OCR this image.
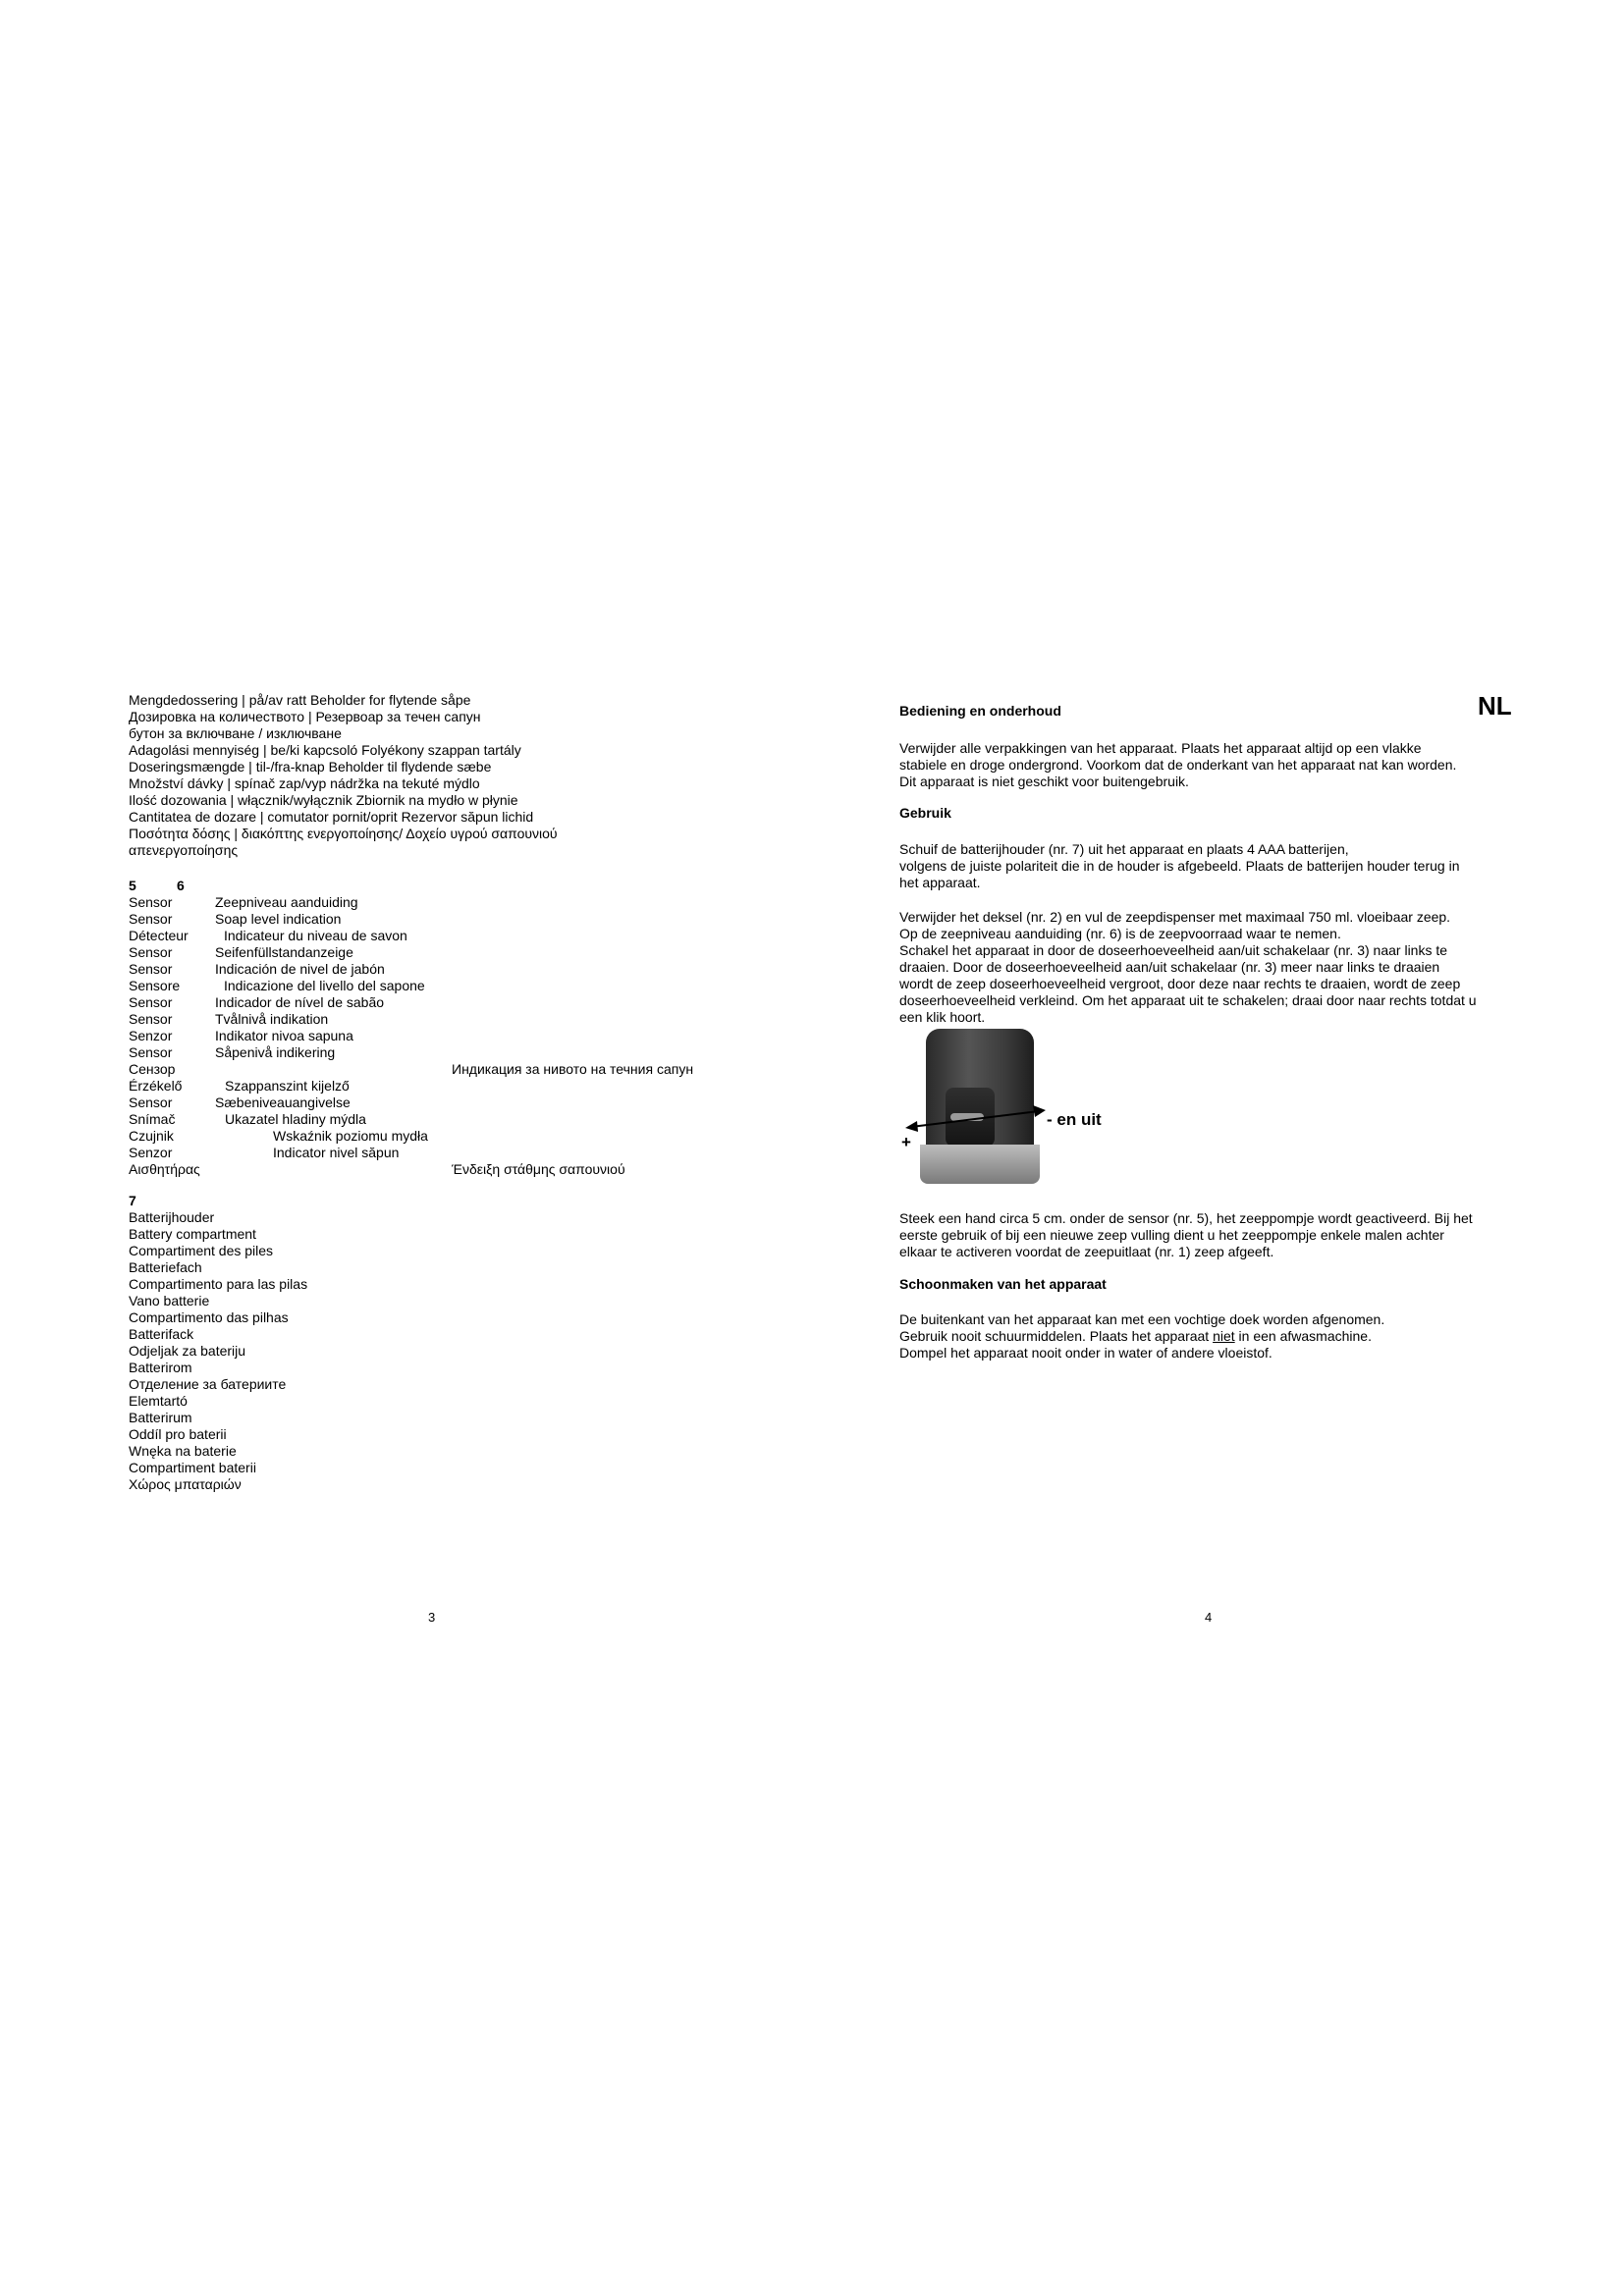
Mengdedossering | på/av ratt Beholder for flytende såpe
Дозировка на количеството | Резервоар за течен сапун
бутон за включване / изключване
Adagolási mennyiség | be/ki kapcsoló Folyékony szappan tartály
Doseringsmængde | til-/fra-knap Beholder til flydende sæbe
Množství dávky | spínač zap/vyp nádržka na tekuté mýdlo
Ilość dozowania | włącznik/wyłącznik Zbiornik na mydło w płynie
Cantitatea de dozare | comutator pornit/oprit Rezervor săpun lichid
Ποσότητα δόσης | διακόπτης ενεργοποίησης/ Δοχείο υγρού σαπουνιού
απενεργοποίησης
5	6
Sensor
Sensor
Détecteur
Sensor
Sensor
Sensore
Sensor
Sensor
Senzor
Sensor
Сензор
Érzékelő
Sensor
Snímač
Czujnik
Senzor
Αισθητήρας
Zeepniveau aanduiding
Soap level indication
Indicateur du niveau de savon
Seifenfüllstandanzeige
Indicación de nivel de jabón
Indicazione del livello del sapone
Indicador de nível de sabão
Tvålnivå indikation
Indikator nivoa sapuna
Såpenivå indikering
Индикация за нивото на течния сапун
Szappanszint kijelző
Sæbeniveauangivelse
Ukazatel hladiny mýdla
Wskaźnik poziomu mydła
Indicator nivel săpun
Ένδειξη στάθμης σαπουνιού
7
Batterijhouder
Battery compartment
Compartiment des piles
Batteriefach
Compartimento para las pilas
Vano batterie
Compartimento das pilhas
Batterifack
Odjeljak za bateriju
Batterirom
Отделение за батериите
Elemtartó
Batterirum
Oddíl pro baterii
Wnęka na baterie
Compartiment baterii
Χώρος μπαταριών
3
Bediening en onderhoud	NL
Verwijder alle verpakkingen van het apparaat. Plaats het apparaat altijd op een vlakke
stabiele en droge ondergrond. Voorkom dat de onderkant van het apparaat nat kan worden.
Dit apparaat is niet geschikt voor buitengebruik.
Gebruik
Schuif de batterijhouder (nr. 7) uit het apparaat en plaats 4 AAA batterijen,
volgens de juiste polariteit die in de houder is afgebeeld. Plaats de batterijen houder terug in
het apparaat.
Verwijder het deksel (nr. 2) en vul de zeepdispenser met maximaal 750 ml. vloeibaar zeep.
Op de zeepniveau aanduiding (nr. 6) is de zeepvoorraad waar te nemen.
Schakel het apparaat in door de doseerhoeveelheid aan/uit schakelaar (nr. 3) naar links te
draaien. Door de doseerhoeveelheid aan/uit schakelaar (nr. 3) meer naar links te draaien
wordt de zeep doseerhoeveelheid vergroot, door deze naar rechts te draaien, wordt de zeep
doseerhoeveelheid verkleind. Om het apparaat uit te schakelen; draai door naar rechts totdat u
een klik hoort.
- en uit
+
Steek een hand circa 5 cm. onder de sensor (nr. 5), het zeeppompje wordt geactiveerd. Bij het
eerste gebruik of bij een nieuwe zeep vulling dient u het zeeppompje enkele malen achter
elkaar te activeren voordat de zeepuitlaat (nr. 1) zeep afgeeft.
Schoonmaken van het apparaat
De buitenkant van het apparaat kan met een vochtige doek worden afgenomen.
Gebruik nooit schuurmiddelen. Plaats het apparaat niet in een afwasmachine.
Dompel het apparaat nooit onder in water of andere vloeistof.
4
